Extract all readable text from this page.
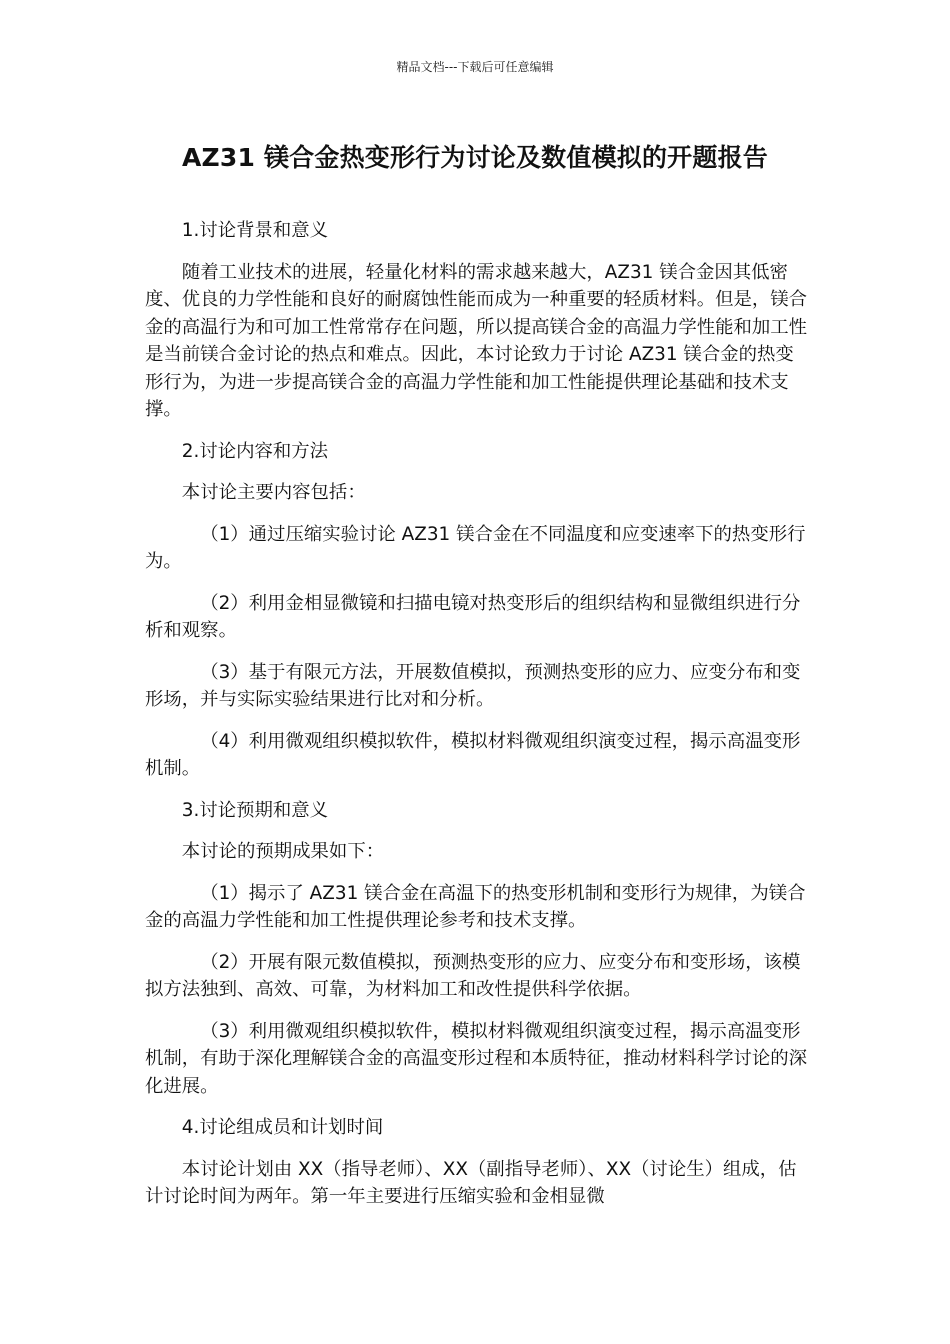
精品文档---下载后可任意编辑
AZ31 镁合金热变形行为讨论及数值模拟的开题报告

1.讨论背景和意义

随着工业技术的进展，轻量化材料的需求越来越大，AZ31 镁合金因其低密度、优良的力学性能和良好的耐腐蚀性能而成为一种重要的轻质材料。但是，镁合金的高温行为和可加工性常常存在问题，所以提高镁合金的高温力学性能和加工性是当前镁合金讨论的热点和难点。因此，本讨论致力于讨论 AZ31 镁合金的热变形行为，为进一步提高镁合金的高温力学性能和加工性能提供理论基础和技术支撑。

2.讨论内容和方法

本讨论主要内容包括：

（1）通过压缩实验讨论 AZ31 镁合金在不同温度和应变速率下的热变形行为。

（2）利用金相显微镜和扫描电镜对热变形后的组织结构和显微组织进行分析和观察。

（3）基于有限元方法，开展数值模拟，预测热变形的应力、应变分布和变形场，并与实际实验结果进行比对和分析。

（4）利用微观组织模拟软件，模拟材料微观组织演变过程，揭示高温变形机制。

3.讨论预期和意义

本讨论的预期成果如下：

（1）揭示了 AZ31 镁合金在高温下的热变形机制和变形行为规律，为镁合金的高温力学性能和加工性提供理论参考和技术支撑。

（2）开展有限元数值模拟，预测热变形的应力、应变分布和变形场，该模拟方法独到、高效、可靠，为材料加工和改性提供科学依据。

（3）利用微观组织模拟软件，模拟材料微观组织演变过程，揭示高温变形机制，有助于深化理解镁合金的高温变形过程和本质特征，推动材料科学讨论的深化进展。

4.讨论组成员和计划时间

本讨论计划由 XX（指导老师）、XX（副指导老师）、XX（讨论生）组成，估计讨论时间为两年。第一年主要进行压缩实验和金相显微
